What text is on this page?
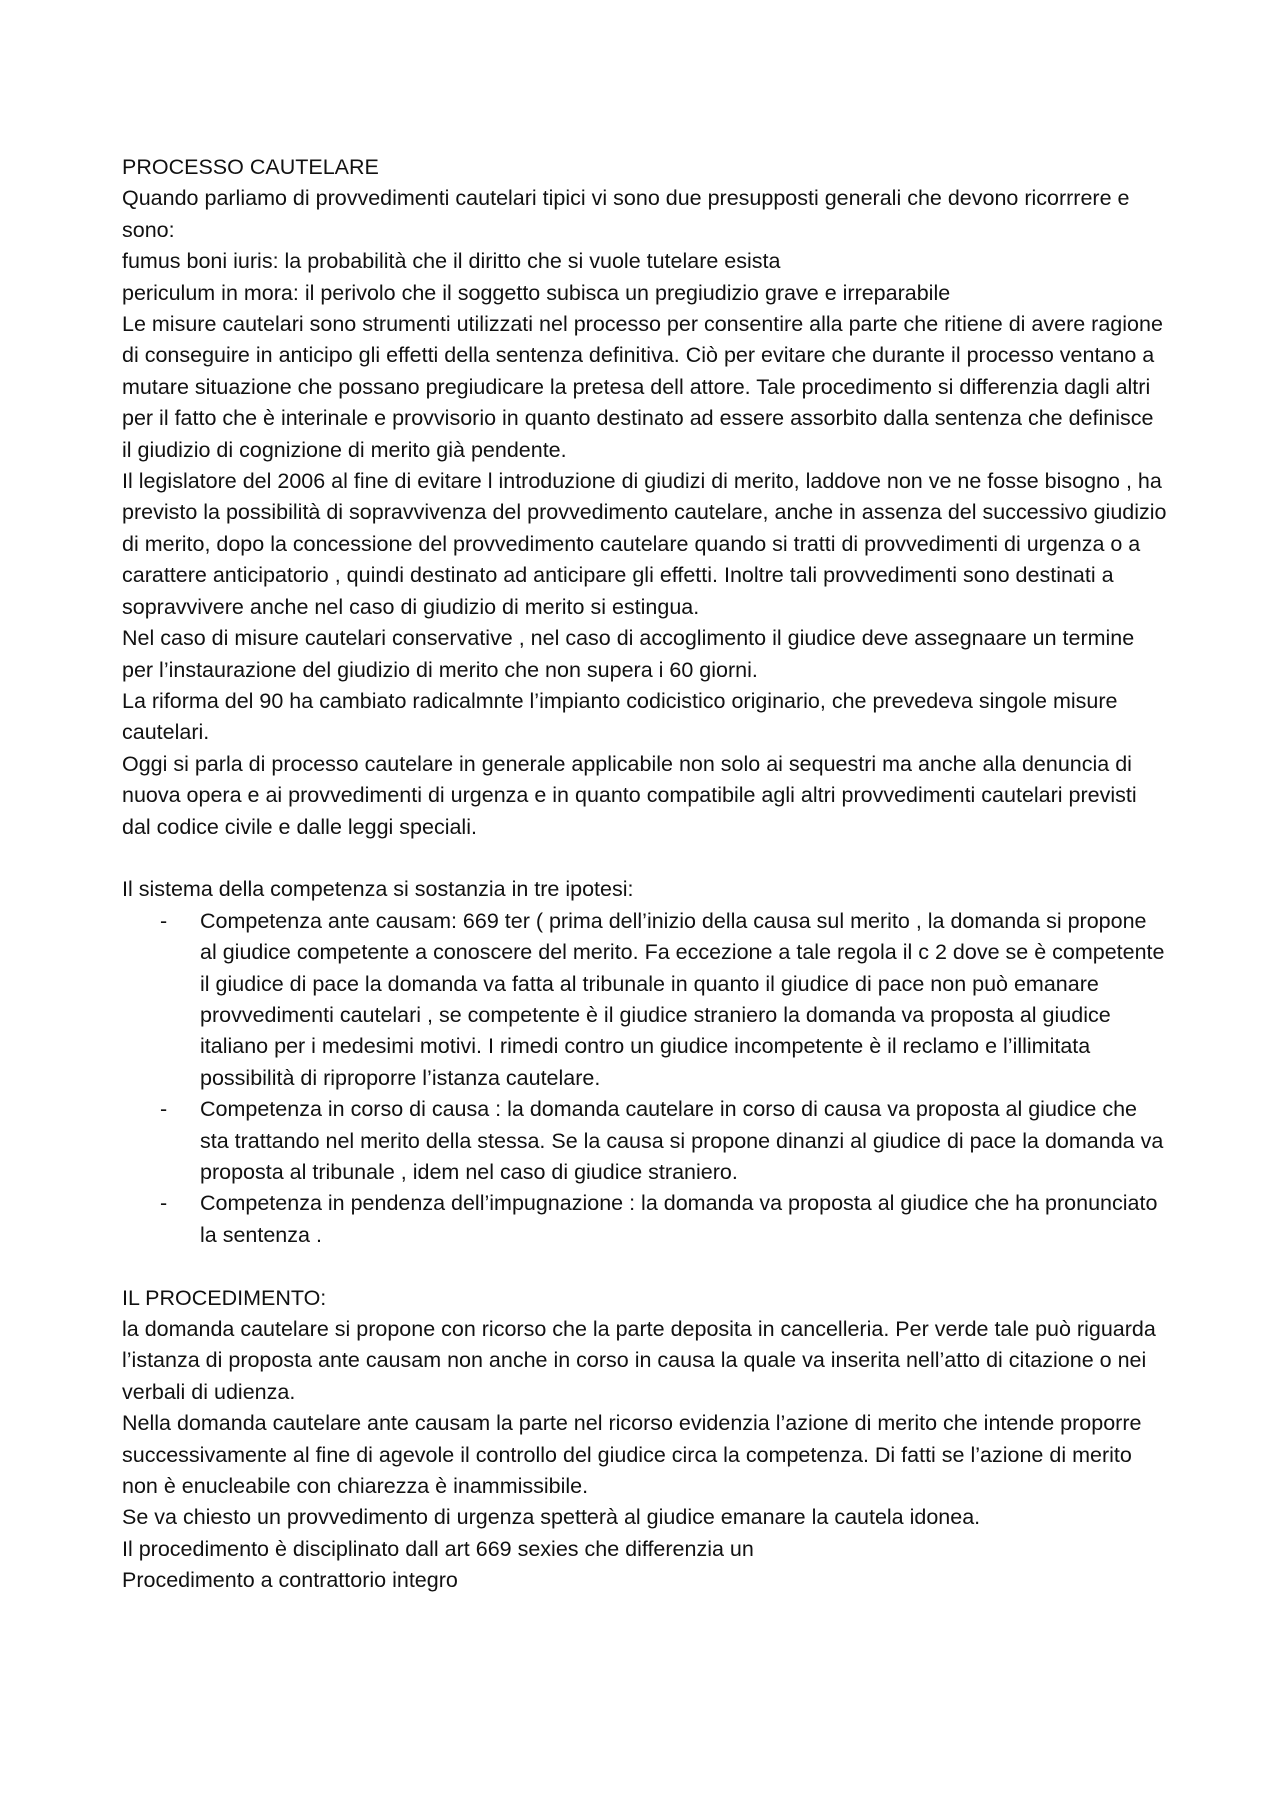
PROCESSO CAUTELARE

Quando parliamo di provvedimenti cautelari tipici vi sono due presupposti generali che devono ricorrrere e sono:

fumus boni iuris: la probabilità che il diritto che si vuole tutelare esista

periculum in mora: il perivolo che il soggetto subisca un pregiudizio grave e irreparabile

Le misure cautelari sono strumenti utilizzati nel processo per consentire alla parte che ritiene di avere ragione di conseguire in anticipo gli effetti della sentenza definitiva. Ciò per evitare che durante il processo ventano a mutare situazione che possano pregiudicare la pretesa dell attore. Tale procedimento si differenzia dagli altri per il fatto che è interinale e provvisorio in quanto destinato ad essere assorbito dalla sentenza che definisce il giudizio di cognizione di merito già pendente.

Il legislatore del 2006 al fine di evitare l introduzione di giudizi di merito, laddove non ve ne fosse bisogno , ha previsto la possibilità di sopravvivenza del provvedimento cautelare, anche in assenza del successivo giudizio di merito, dopo la concessione del provvedimento cautelare quando si tratti di provvedimenti di urgenza o a carattere anticipatorio , quindi destinato ad anticipare gli effetti. Inoltre tali provvedimenti sono destinati a sopravvivere anche nel caso di giudizio di merito si estingua.

Nel caso di misure cautelari conservative , nel caso di accoglimento il giudice deve assegnaare un termine per l’instaurazione del giudizio di merito che non supera i 60 giorni.

La riforma del 90 ha cambiato radicalmnte l’impianto codicistico originario, che prevedeva singole misure cautelari.

Oggi si parla di processo cautelare in generale applicabile non solo ai sequestri ma anche alla denuncia di nuova opera e ai provvedimenti di urgenza e in quanto compatibile agli altri provvedimenti cautelari previsti dal codice civile e dalle leggi speciali.

Il sistema della competenza si sostanzia in tre ipotesi:

- Competenza ante causam: 669 ter ( prima dell’inizio della causa sul merito , la domanda si propone al giudice competente a conoscere del merito. Fa eccezione a tale regola il c 2 dove se è competente il giudice di pace la domanda va fatta al tribunale in quanto il giudice di pace non può emanare provvedimenti cautelari , se competente è il giudice straniero la domanda va proposta al giudice italiano per i medesimi motivi. I rimedi contro un giudice incompetente è il reclamo e l’illimitata possibilità di riproporre l’istanza cautelare.
- Competenza in corso di causa : la domanda cautelare in corso di causa va proposta al giudice che sta trattando nel merito della stessa. Se la causa si propone dinanzi al giudice di pace la domanda va proposta al tribunale , idem nel caso di giudice straniero.
- Competenza in pendenza dell’impugnazione : la domanda va proposta al giudice che ha pronunciato la sentenza .

IL PROCEDIMENTO:

la domanda cautelare si propone con ricorso che la parte deposita in cancelleria. Per verde tale può riguarda l’istanza di proposta ante causam non anche in corso in causa la quale va inserita nell’atto di citazione o nei verbali di udienza.

Nella domanda cautelare ante causam la parte nel ricorso evidenzia l’azione di merito che intende proporre successivamente al fine di agevole il controllo del giudice circa la competenza. Di fatti se l’azione di merito non è enucleabile con chiarezza è inammissibile.

Se va chiesto un provvedimento di urgenza spetterà al giudice emanare la cautela idonea.

Il procedimento è disciplinato dall art 669 sexies che differenzia un

Procedimento a contrattorio integro
